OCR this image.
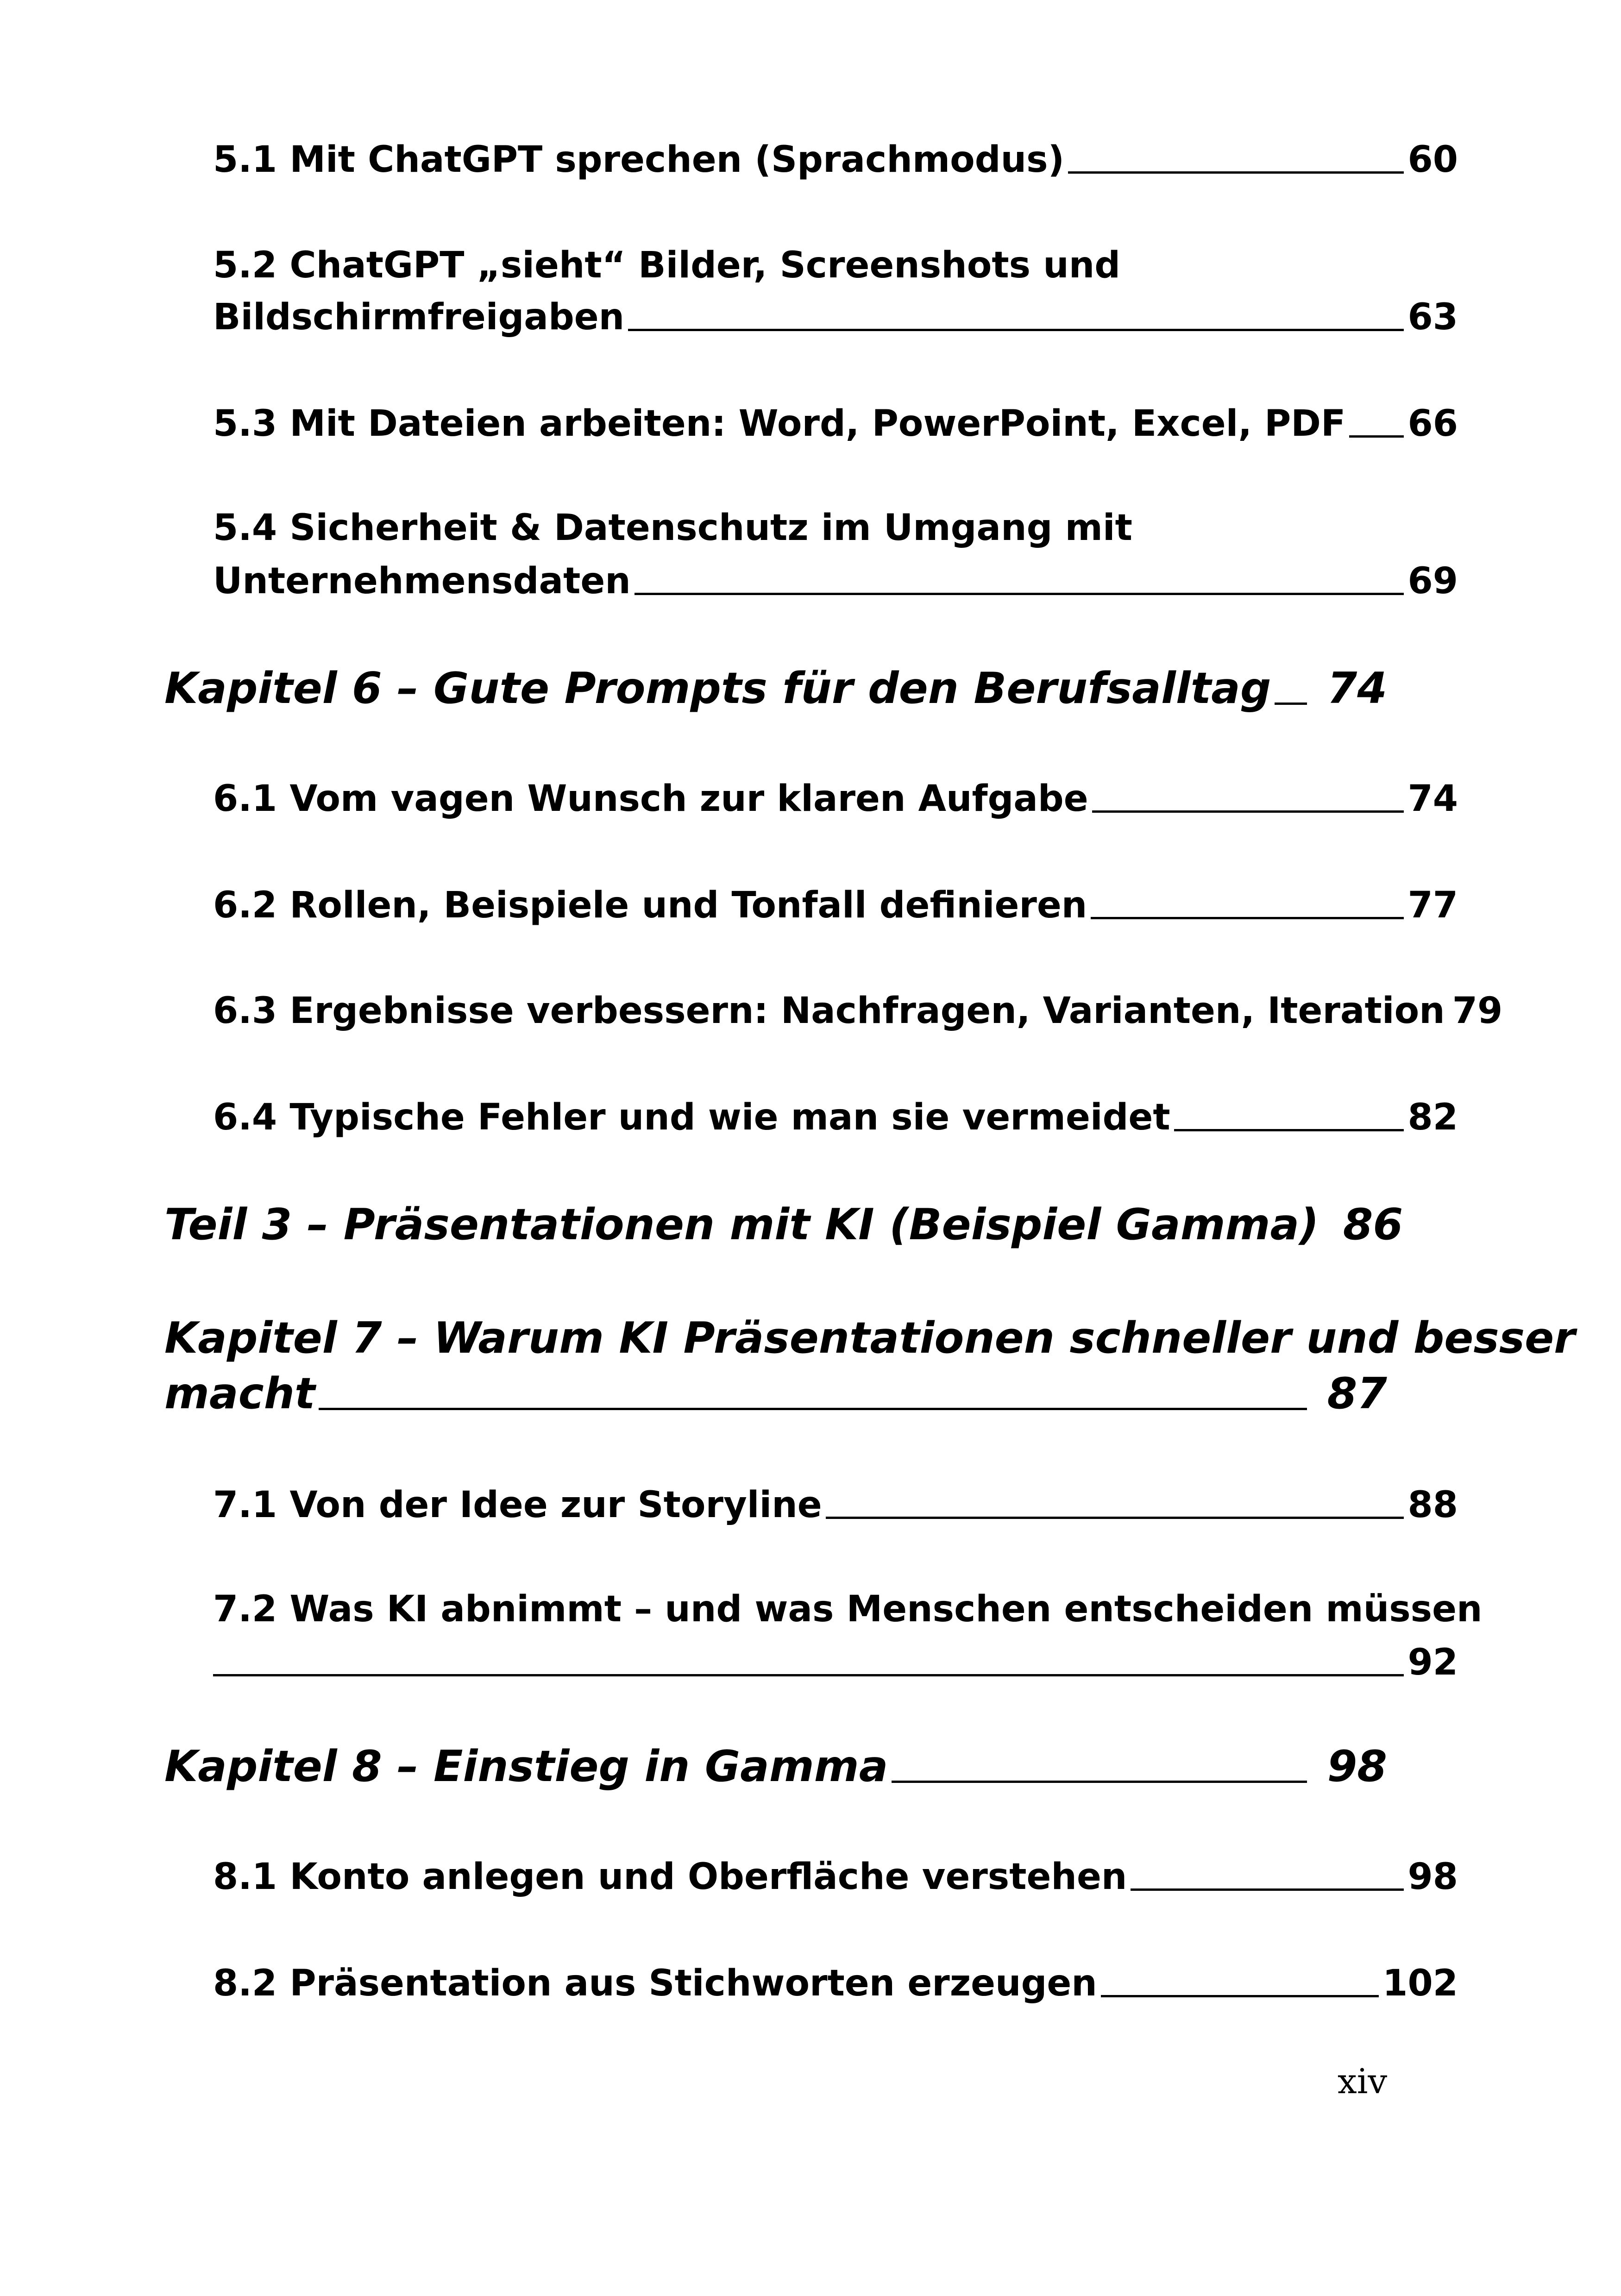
5.1 Mit ChatGPT sprechen (Sprachmodus)	60
5.2 ChatGPT „sieht“ Bilder, Screenshots und
Bildschirmfreigaben	63
5.3 Mit Dateien arbeiten: Word, PowerPoint, Excel, PDF 66
5.4 Sicherheit & Datenschutz im Umgang mit
Unternehmensdaten	69
Kapitel 6 – Gute Prompts für den Berufsalltag 74
6.1 Vom vagen Wunsch zur klaren Aufgabe	74
6.2 Rollen, Beispiele und Tonfall definieren	77
6.3 Ergebnisse verbessern: Nachfragen, Varianten, Iteration 79
6.4 Typische Fehler und wie man sie vermeidet	82
Teil 3 – Präsentationen mit KI (Beispiel Gamma) 86
Kapitel 7 – Warum KI Präsentationen schneller und besser
macht	87
7.1 Von der Idee zur Storyline	88
7.2 Was KI abnimmt – und was Menschen entscheiden müssen
92
Kapitel 8 – Einstieg in Gamma	98
8.1 Konto anlegen und Oberfläche verstehen	98
8.2 Präsentation aus Stichworten erzeugen	102
xiv
